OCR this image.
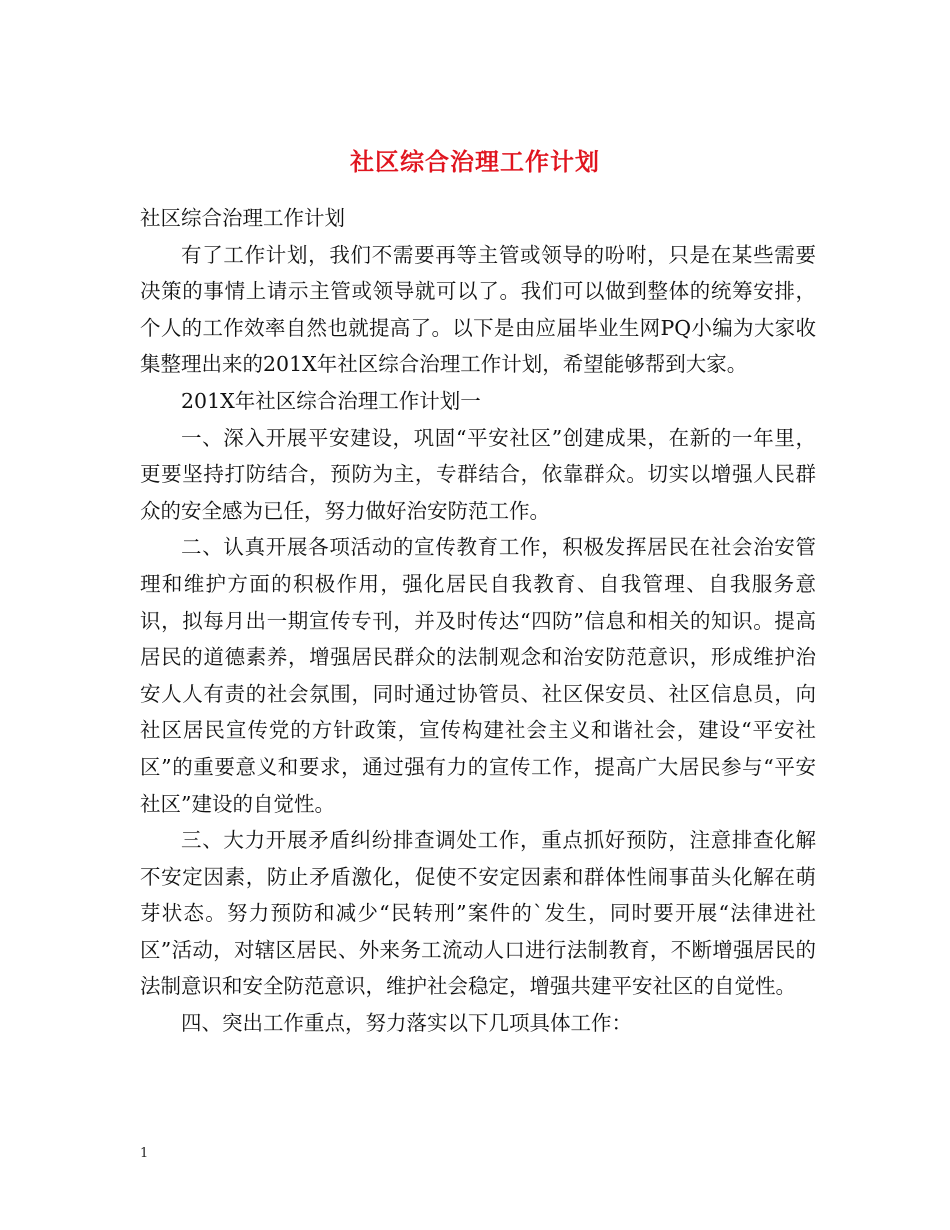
社区综合治理工作计划

社区综合治理工作计划

有了工作计划，我们不需要再等主管或领导的吩咐，只是在某些需要决策的事情上请示主管或领导就可以了。我们可以做到整体的统筹安排，个人的工作效率自然也就提高了。以下是由应届毕业生网PQ小编为大家收集整理出来的201X年社区综合治理工作计划，希望能够帮到大家。

201X年社区综合治理工作计划一

一、深入开展平安建设，巩固“平安社区”创建成果，在新的一年里，更要坚持打防结合，预防为主，专群结合，依靠群众。切实以增强人民群众的安全感为已任，努力做好治安防范工作。

二、认真开展各项活动的宣传教育工作，积极发挥居民在社会治安管理和维护方面的积极作用，强化居民自我教育、自我管理、自我服务意识，拟每月出一期宣传专刊，并及时传达“四防”信息和相关的知识。提高居民的道德素养，增强居民群众的法制观念和治安防范意识，形成维护治安人人有责的社会氛围，同时通过协管员、社区保安员、社区信息员，向社区居民宣传党的方针政策，宣传构建社会主义和谐社会，建设“平安社区”的重要意义和要求，通过强有力的宣传工作，提高广大居民参与“平安社区”建设的自觉性。

三、大力开展矛盾纠纷排查调处工作，重点抓好预防，注意排查化解不安定因素，防止矛盾激化，促使不安定因素和群体性闹事苗头化解在萌芽状态。努力预防和减少“民转刑”案件的`发生，同时要开展“法律进社区”活动，对辖区居民、外来务工流动人口进行法制教育，不断增强居民的法制意识和安全防范意识，维护社会稳定，增强共建平安社区的自觉性。

四、突出工作重点，努力落实以下几项具体工作：

1
